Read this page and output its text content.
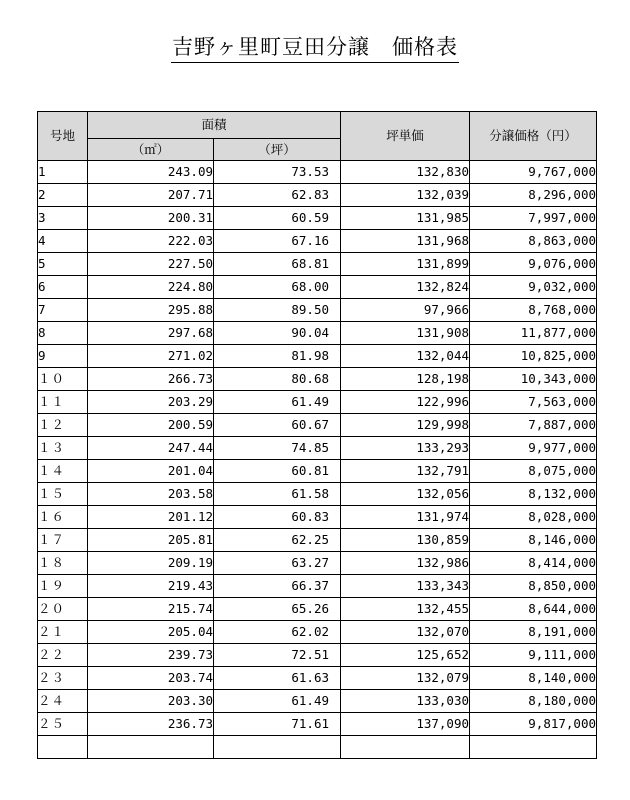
吉野ヶ里町豆田分譲　価格表
号地	面積		坪単価	分譲価格（円）
	（㎡）	（坪）		
1	243.09	73.53	132,830	9,767,000
2	207.71	62.83	132,039	8,296,000
3	200.31	60.59	131,985	7,997,000
4	222.03	67.16	131,968	8,863,000
5	227.50	68.81	131,899	9,076,000
6	224.80	68.00	132,824	9,032,000
7	295.88	89.50	97,966	8,768,000
8	297.68	90.04	131,908	11,877,000
9	271.02	81.98	132,044	10,825,000
１０	266.73	80.68	128,198	10,343,000
１１	203.29	61.49	122,996	7,563,000
１２	200.59	60.67	129,998	7,887,000
１３	247.44	74.85	133,293	9,977,000
１４	201.04	60.81	132,791	8,075,000
１５	203.58	61.58	132,056	8,132,000
１６	201.12	60.83	131,974	8,028,000
１７	205.81	62.25	130,859	8,146,000
１８	209.19	63.27	132,986	8,414,000
１９	219.43	66.37	133,343	8,850,000
２０	215.74	65.26	132,455	8,644,000
２１	205.04	62.02	132,070	8,191,000
２２	239.73	72.51	125,652	9,111,000
２３	203.74	61.63	132,079	8,140,000
２４	203.30	61.49	133,030	8,180,000
２５	236.73	71.61	137,090	9,817,000
